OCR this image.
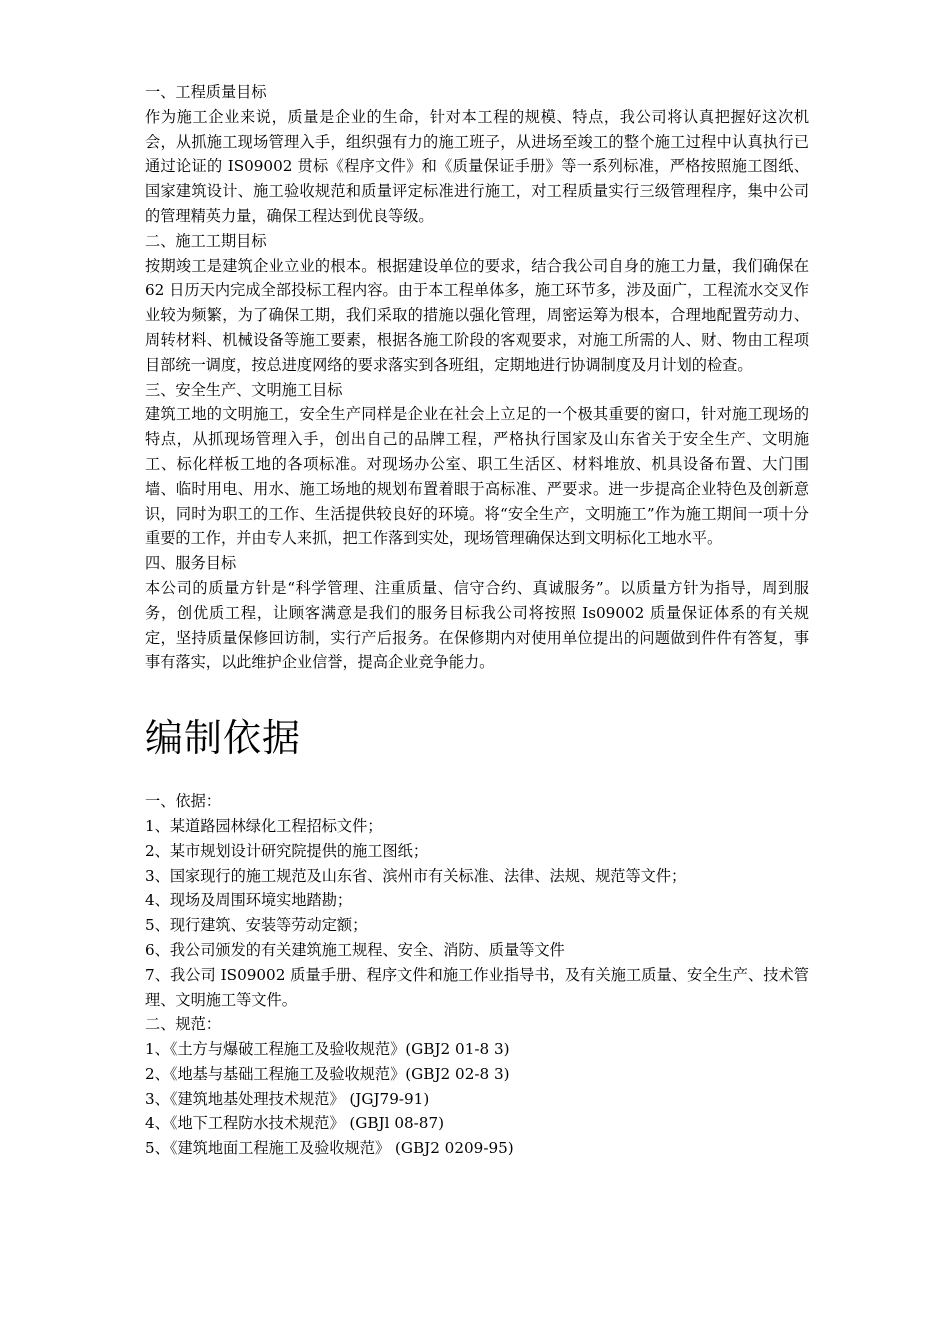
一、工程质量目标

作为施工企业来说，质量是企业的生命，针对本工程的规模、特点，我公司将认真把握好这次机会，从抓施工现场管理入手，组织强有力的施工班子，从进场至竣工的整个施工过程中认真执行已通过论证的 IS09002 贯标《程序文件》和《质量保证手册》等一系列标准，严格按照施工图纸、国家建筑设计、施工验收规范和质量评定标准进行施工，对工程质量实行三级管理程序，集中公司的管理精英力量，确保工程达到优良等级。

二、施工工期目标

按期竣工是建筑企业立业的根本。根据建设单位的要求，结合我公司自身的施工力量，我们确保在 62 日历天内完成全部投标工程内容。由于本工程单体多，施工环节多，涉及面广，工程流水交叉作业较为频繁，为了确保工期，我们采取的措施以强化管理，周密运筹为根本，合理地配置劳动力、周转材料、机械设备等施工要素，根据各施工阶段的客观要求，对施工所需的人、财、物由工程项目部统一调度，按总进度网络的要求落实到各班组，定期地进行协调制度及月计划的检查。

三、安全生产、文明施工目标

建筑工地的文明施工，安全生产同样是企业在社会上立足的一个极其重要的窗口，针对施工现场的特点，从抓现场管理入手，创出自己的品牌工程，严格执行国家及山东省关于安全生产、文明施工、标化样板工地的各项标准。对现场办公室、职工生活区、材料堆放、机具设备布置、大门围墙、临时用电、用水、施工场地的规划布置着眼于高标准、严要求。进一步提高企业特色及创新意识，同时为职工的工作、生活提供较良好的环境。将“安全生产，文明施工”作为施工期间一项十分重要的工作，并由专人来抓，把工作落到实处，现场管理确保达到文明标化工地水平。

四、服务目标

本公司的质量方针是“科学管理、注重质量、信守合约、真诚服务”。以质量方针为指导，周到服务，创优质工程，让顾客满意是我们的服务目标我公司将按照 Is09002 质量保证体系的有关规定，坚持质量保修回访制，实行产后报务。在保修期内对使用单位提出的问题做到件件有答复，事事有落实，以此维护企业信誉，提高企业竞争能力。

编制依据

一、依据：

1、某道路园林绿化工程招标文件；

2、某市规划设计研究院提供的施工图纸；

3、国家现行的施工规范及山东省、滨州市有关标准、法律、法规、规范等文件；

4、现场及周围环境实地踏勘；

5、现行建筑、安装等劳动定额；

6、我公司颁发的有关建筑施工规程、安全、消防、质量等文件

7、我公司 IS09002 质量手册、程序文件和施工作业指导书，及有关施工质量、安全生产、技术管理、文明施工等文件。

二、规范：

1、《土方与爆破工程施工及验收规范》(GBJ2 01-8 3)

2、《地基与基础工程施工及验收规范》(GBJ2 02-8 3)

3、《建筑地基处理技术规范》 (JGJ79-91)

4、《地下工程防水技术规范》 (GBJl 08-87)

5、《建筑地面工程施工及验收规范》 (GBJ2 0209-95)
